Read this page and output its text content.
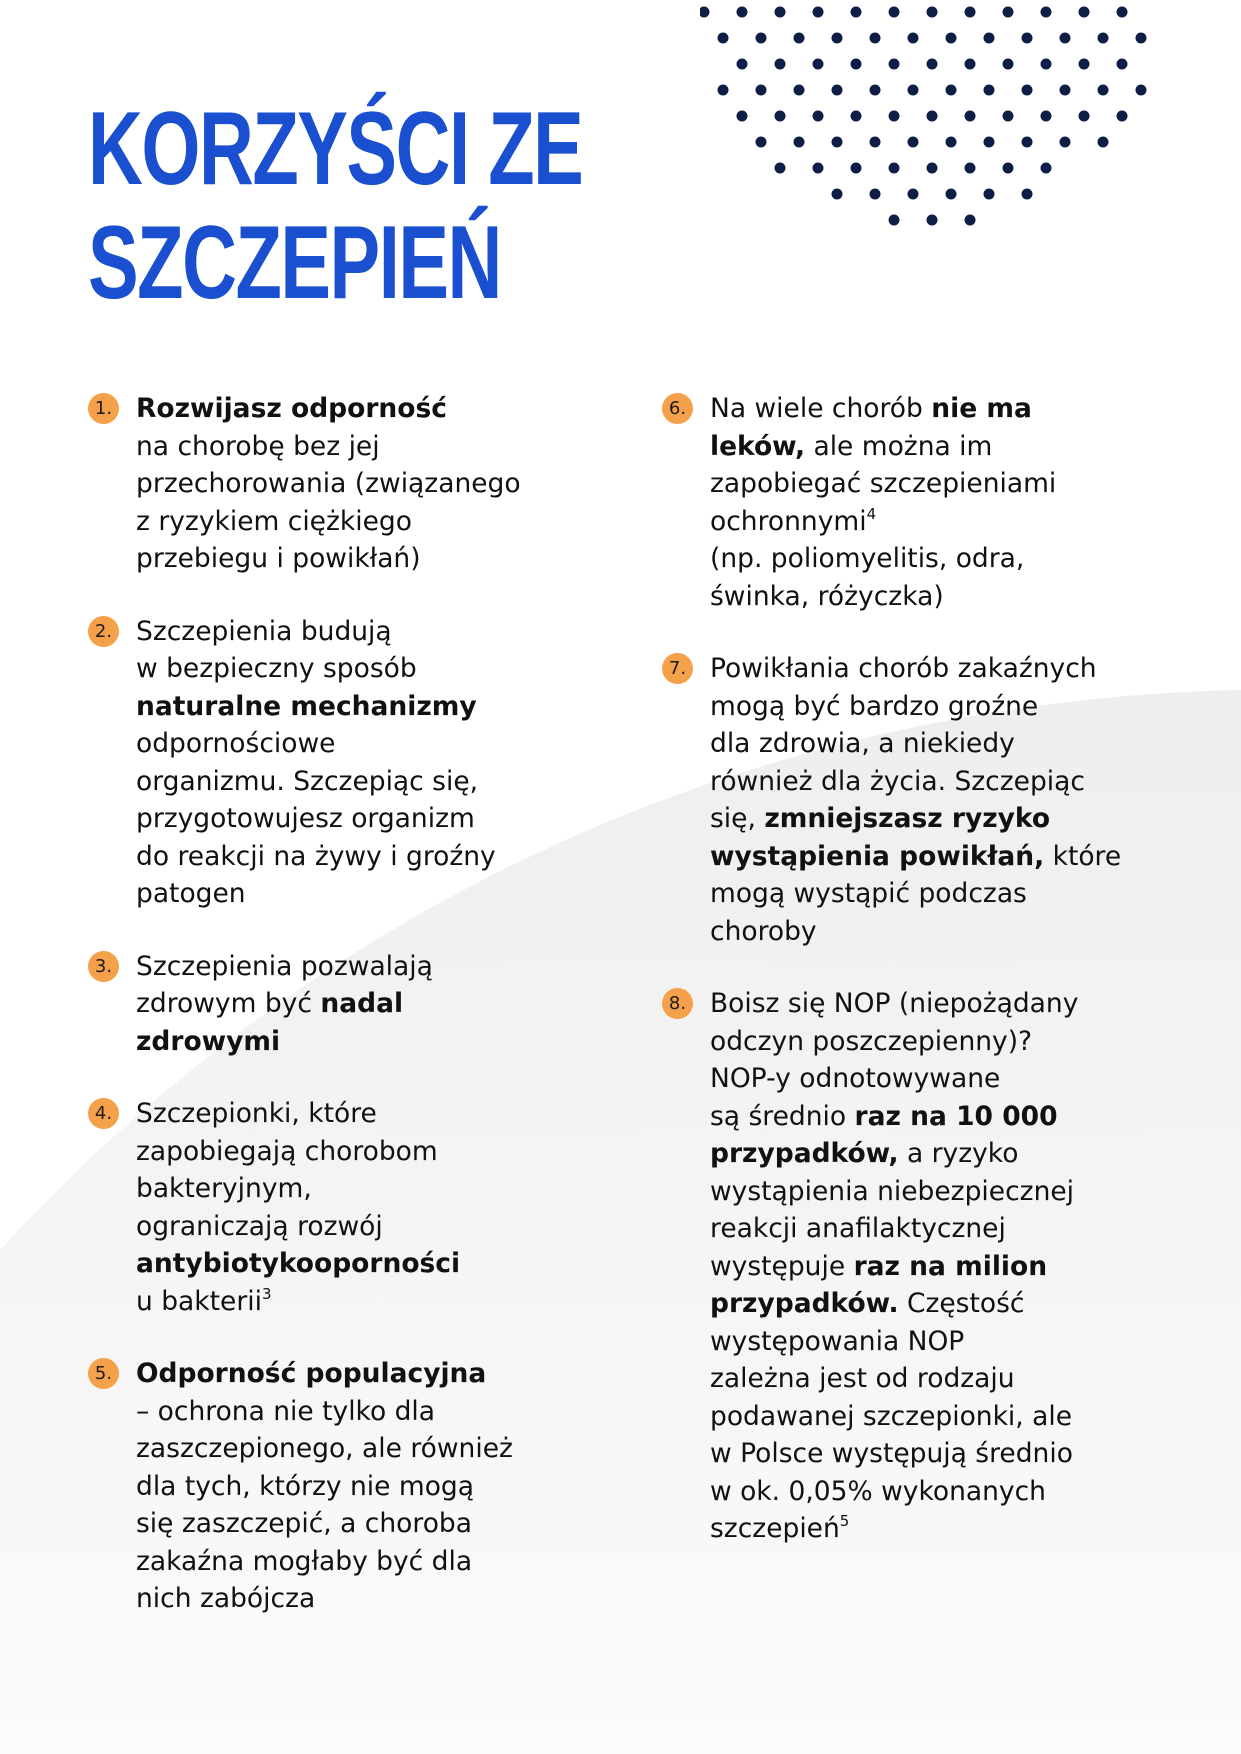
KORZYŚCI ZE
SZCZEPIEŃ
1. Rozwijasz odporność
na chorobę bez jej
przechorowania (związanego
z ryzykiem ciężkiego
przebiegu i powikłań)

2. Szczepienia budują
w bezpieczny sposób
naturalne mechanizmy
odpornościowe
organizmu. Szczepiąc się,
przygotowujesz organizm
do reakcji na żywy i groźny
patogen

3. Szczepienia pozwalają
zdrowym być nadal
zdrowymi

4. Szczepionki, które
zapobiegają chorobom
bakteryjnym,
ograniczają rozwój
antybiotykooporności
u bakterii$^3$

5. Odporność populacyjna
– ochrona nie tylko dla
zaszczepionego, ale również
dla tych, którzy nie mogą
się zaszczepić, a choroba
zakaźna mogłaby być dla
nich zabójcza

6. Na wiele chorób nie ma
leków, ale można im
zapobiegać szczepieniami
ochronnymi$^4$
(np. poliomyelitis, odra,
świnka, różyczka)

7. Powikłania chorób zakaźnych
mogą być bardzo groźne
dla zdrowia, a niekiedy
również dla życia. Szczepiąc
się, zmniejszasz ryzyko
wystąpienia powikłań, które
mogą wystąpić podczas
choroby

8. Boisz się NOP (niepożądany
odczyn poszczepienny)?
NOP-y odnotowywane
są średnio raz na 10 000
przypadków, a ryzyko
wystąpienia niebezpiecznej
reakcji anafilaktycznej
występuje raz na milion
przypadków. Częstość
występowania NOP
zależna jest od rodzaju
podawanej szczepionki, ale
w Polsce występują średnio
w ok. 0,05% wykonanych
szczepień$^5$
